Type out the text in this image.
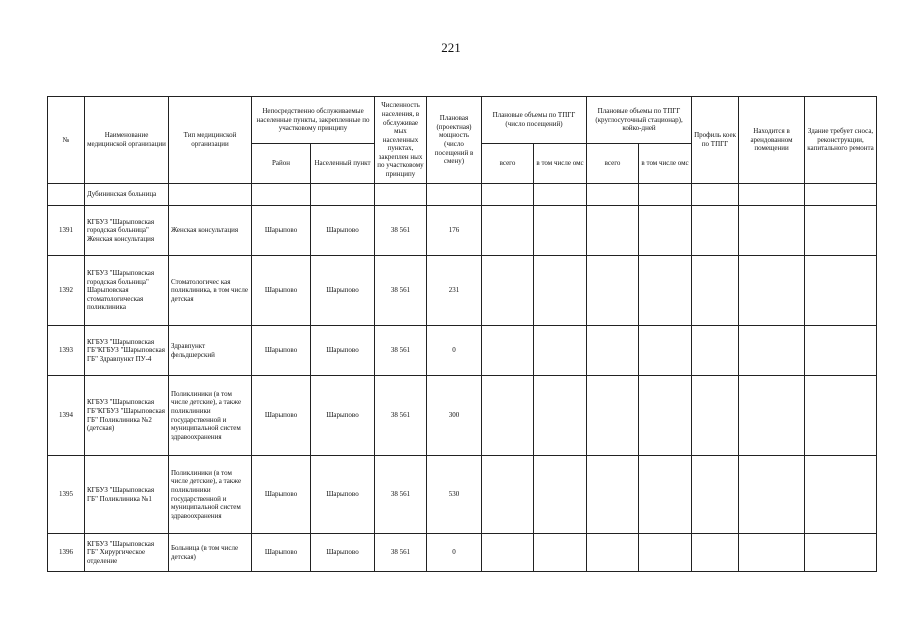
221
№	Наименование медицинской организации	Тип медицинской организации	Непосредственно обслуживаемые населенные пункты, закрепленные по участковому принципу		Численность населения, в обслуживае мых населенных пунктах, закреплен ных по участковому принципу	Плановая (проектная) мощность (число посещений в смену)	Плановые объемы по ТПГГ (число посещений)		Плановые объемы по ТПГГ (круглосуточный стационар), койко-дней		Профиль коек по ТПГГ	Находится в арендованном помещении	Здание требует сноса, реконструкции, капитального ремонта
			Район	Населенный пункт			всего	в том числе омс	всего	в том числе омс			
	Дубининская больница												
1391	КГБУЗ "Шарыповская городская больница" Женская консультация	Женская консультация	Шарыпово	Шарыпово	38 561	176							
1392	КГБУЗ "Шарыповская городская больница" Шарыповская стоматологическая поликлиника	Стоматологичес кая поликлиника, в том числе детская	Шарыпово	Шарыпово	38 561	231							
1393	КГБУЗ "Шарыповская ГБ"КГБУЗ "Шарыповская ГБ" Здравпункт ПУ-4	Здравпункт фельдшерский	Шарыпово	Шарыпово	38 561	0							
1394	КГБУЗ "Шарыповская ГБ"КГБУЗ "Шарыповская ГБ" Поликлиника №2 (детская)	Поликлиники (в том числе детские), а также поликлиники государственной и муниципальной систем здравоохранения	Шарыпово	Шарыпово	38 561	300							
1395	КГБУЗ "Шарыповская ГБ" Поликлиника №1	Поликлиники (в том числе детские), а также поликлиники государственной и муниципальной систем здравоохранения	Шарыпово	Шарыпово	38 561	530							
1396	КГБУЗ "Шарыповская ГБ" Хирургическое отделение	Больница (в том числе детская)	Шарыпово	Шарыпово	38 561	0							
